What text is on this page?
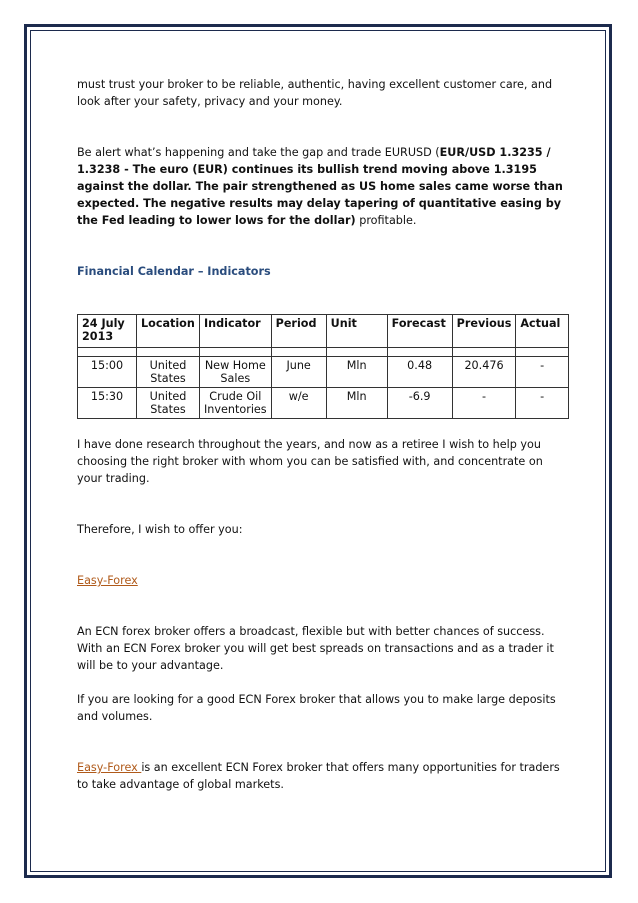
must trust your broker to be reliable, authentic, having excellent customer care, and look after your safety, privacy and your money.

Be alert what’s happening and take the gap and trade EURUSD (EUR/USD 1.3235 / 1.3238 - The euro (EUR) continues its bullish trend moving above 1.3195 against the dollar. The pair strengthened as US home sales came worse than expected. The negative results may delay tapering of quantitative easing by the Fed leading to lower lows for the dollar) profitable.

Financial Calendar – Indicators

24 July 2013	Location	Indicator	Period	Unit	Forecast	Previous	Actual

15:00	United States	New Home Sales	June	Mln	0.48	20.476	-
15:30	United States	Crude Oil Inventories	w/e	Mln	-6.9	-	-

I have done research throughout the years, and now as a retiree I wish to help you choosing the right broker with whom you can be satisfied with, and concentrate on your trading.

Therefore, I wish to offer you:

Easy-Forex

An ECN forex broker offers a broadcast, flexible but with better chances of success. With an ECN Forex broker you will get best spreads on transactions and as a trader it will be to your advantage.

If you are looking for a good ECN Forex broker that allows you to make large deposits and volumes.

Easy-Forex is an excellent ECN Forex broker that offers many opportunities for traders to take advantage of global markets.
